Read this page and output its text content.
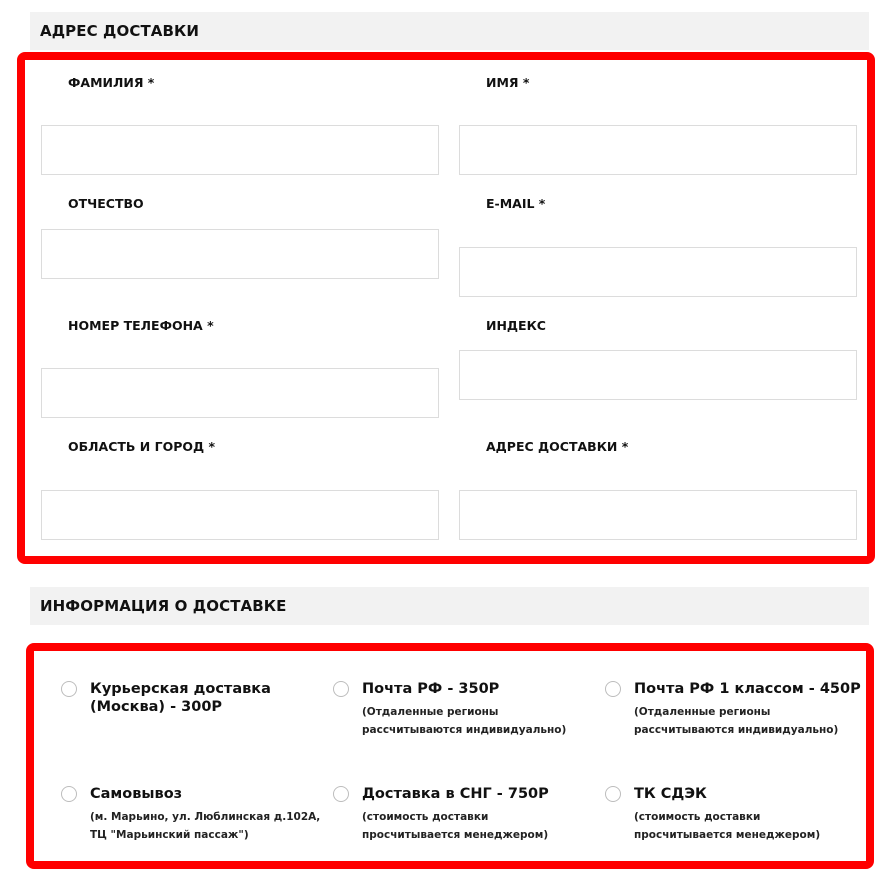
АДРЕС ДОСТАВКИ
ФАМИЛИЯ *
ОТЧЕСТВО
НОМЕР ТЕЛЕФОНА *
ОБЛАСТЬ И ГОРОД *
ИМЯ *
E-MAIL *
ИНДЕКС
АДРЕС ДОСТАВКИ *
ИНФОРМАЦИЯ О ДОСТАВКЕ
Курьерская доставка
(Москва) - 300Р
Почта РФ - 350Р
(Отдаленные регионы
рассчитываются индивидуально)
Почта РФ 1 классом - 450Р
(Отдаленные регионы
рассчитываются индивидуально)
Самовывоз
(м. Марьино, ул. Люблинская д.102А,
ТЦ "Марьинский пассаж")
Доставка в СНГ - 750Р
(стоимость доставки
просчитывается менеджером)
ТК СДЭК
(стоимость доставки
просчитывается менеджером)
